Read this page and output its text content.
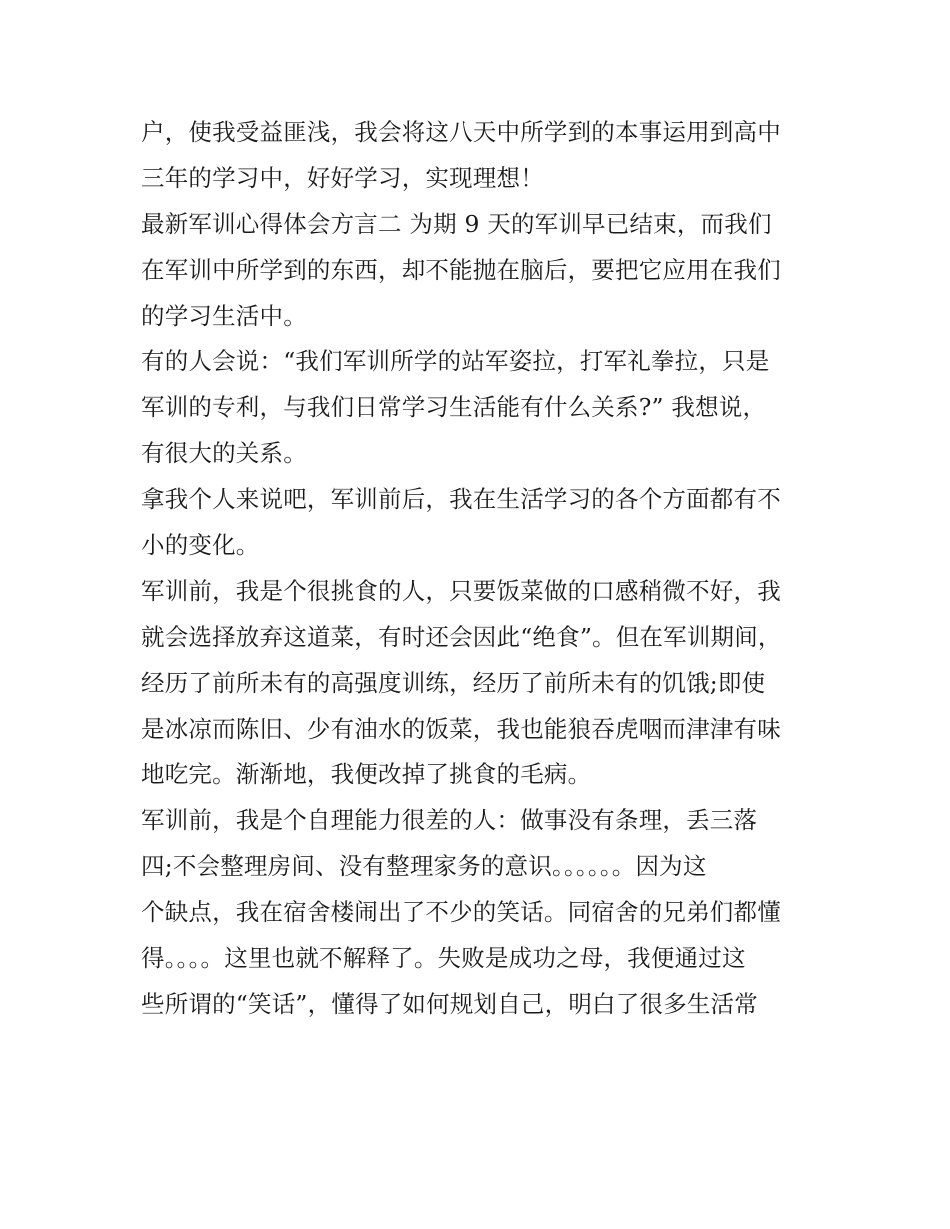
户，使我受益匪浅，我会将这八天中所学到的本事运用到高中
三年的学习中，好好学习，实现理想！
最新军训心得体会方言二 为期 9 天的军训早已结束，而我们
在军训中所学到的东西，却不能抛在脑后，要把它应用在我们
的学习生活中。
有的人会说：“我们军训所学的站军姿拉，打军礼拳拉，只是
军训的专利，与我们日常学习生活能有什么关系?” 我想说，
有很大的关系。
拿我个人来说吧，军训前后，我在生活学习的各个方面都有不
小的变化。
军训前，我是个很挑食的人，只要饭菜做的口感稍微不好，我
就会选择放弃这道菜，有时还会因此“绝食”。但在军训期间，
经历了前所未有的高强度训练，经历了前所未有的饥饿;即使
是冰凉而陈旧、少有油水的饭菜，我也能狼吞虎咽而津津有味
地吃完。渐渐地，我便改掉了挑食的毛病。
军训前，我是个自理能力很差的人：做事没有条理，丢三落
四;不会整理房间、没有整理家务的意识。。。。。。因为这
个缺点，我在宿舍楼闹出了不少的笑话。同宿舍的兄弟们都懂
得。。。。这里也就不解释了。失败是成功之母，我便通过这
些所谓的“笑话”，懂得了如何规划自己，明白了很多生活常
